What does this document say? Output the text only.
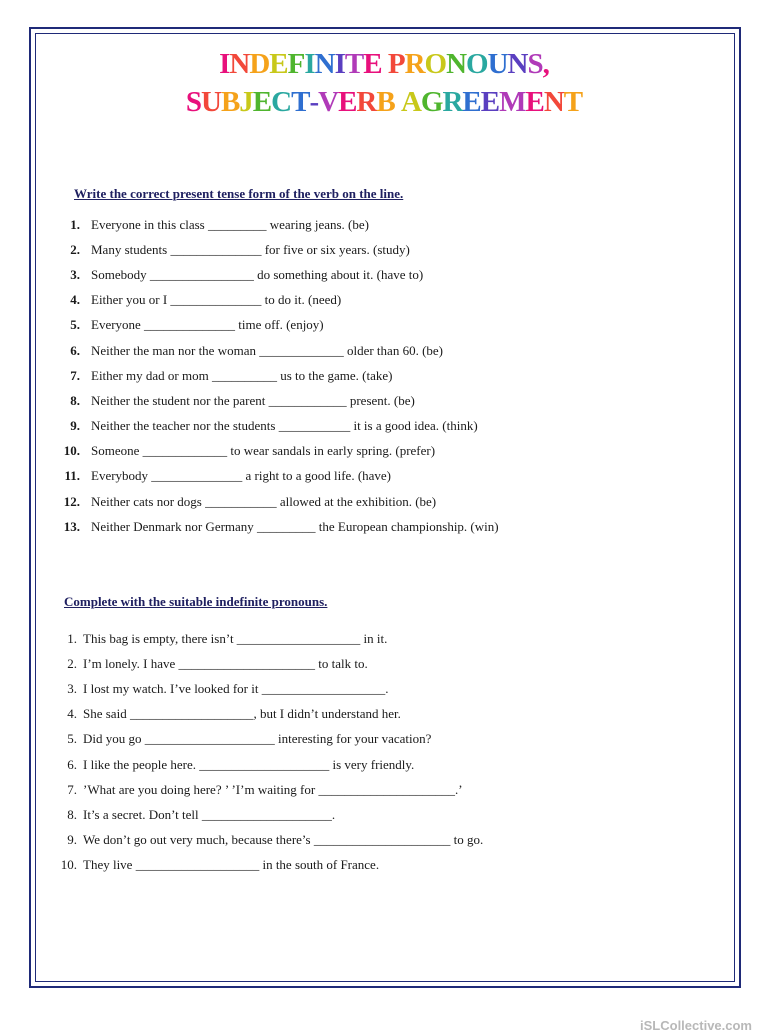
INDEFINITE PRONOUNS,
SUBJECT-VERB AGREEMENT

Write the correct present tense form of the verb on the line.

1. Everyone in this class _________ wearing jeans. (be)
2. Many students ______________ for five or six years. (study)
3. Somebody ________________ do something about it. (have to)
4. Either you or I ______________ to do it. (need)
5. Everyone ______________ time off. (enjoy)
6. Neither the man nor the woman _____________ older than 60. (be)
7. Either my dad or mom __________ us to the game. (take)
8. Neither the student nor the parent ____________ present. (be)
9. Neither the teacher nor the students ___________ it is a good idea. (think)
10. Someone _____________ to wear sandals in early spring. (prefer)
11. Everybody ______________ a right to a good life. (have)
12. Neither cats nor dogs ___________ allowed at the exhibition. (be)
13. Neither Denmark nor Germany _________ the European championship. (win)

Complete with the suitable indefinite pronouns.

1. This bag is empty, there isn’t ___________________ in it.
2. I’m lonely. I have _____________________ to talk to.
3. I lost my watch. I’ve looked for it ___________________.
4. She said ___________________, but I didn’t understand her.
5. Did you go ____________________ interesting for your vacation?
6. I like the people here. ____________________ is very friendly.
7. ’What are you doing here? ’ ’I’m waiting for _____________________.’
8. It’s a secret. Don’t tell ____________________.
9. We don’t go out very much, because there’s _____________________ to go.
10. They live ___________________ in the south of France.

iSLCollective.com
